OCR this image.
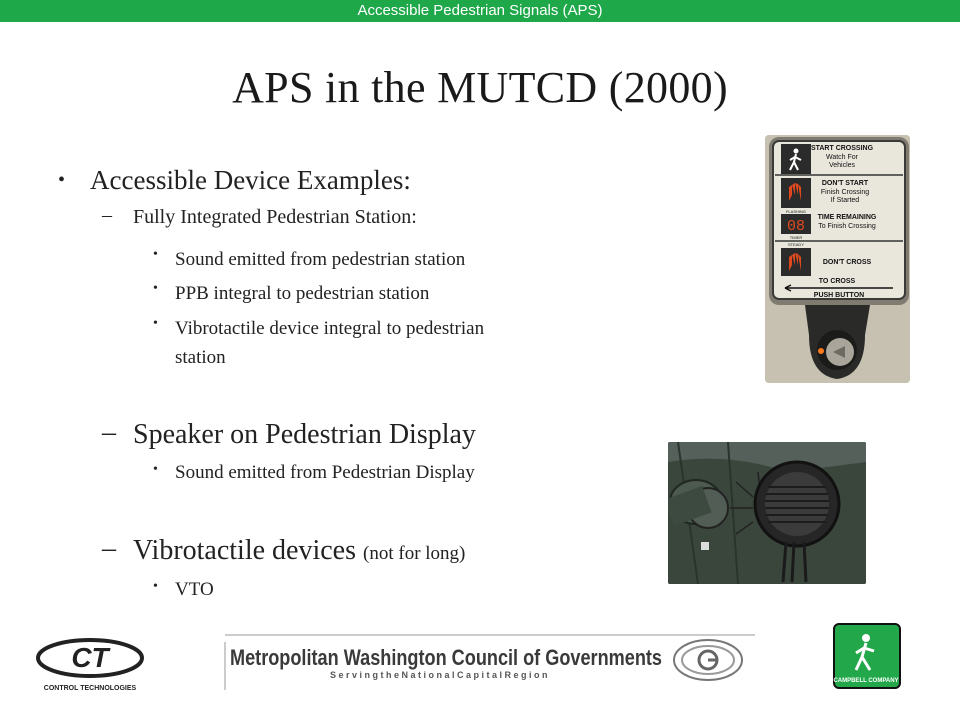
Accessible Pedestrian Signals (APS)
APS in the MUTCD (2000)
• Accessible Device Examples:
– Fully Integrated Pedestrian Station:
• Sound emitted from pedestrian station
• PPB integral to pedestrian station
• Vibrotactile device integral to pedestrian
station
– Speaker on Pedestrian Display
• Sound emitted from Pedestrian Display
– Vibrotactile devices (not for long)
• VTO
START CROSSING
Watch For
Vehicles
FLASHING
DON'T START
Finish Crossing
If Started
08
TIMER
TIME REMAINING
To Finish Crossing
STEADY
DON'T CROSS
TO CROSS
PUSH BUTTON
CT
CONTROL TECHNOLOGIES
Metropolitan Washington Council of Governments
S e r v i n g t h e N a t i o n a l C a p i t a l R e g i o n
CAMPBELL COMPANY
